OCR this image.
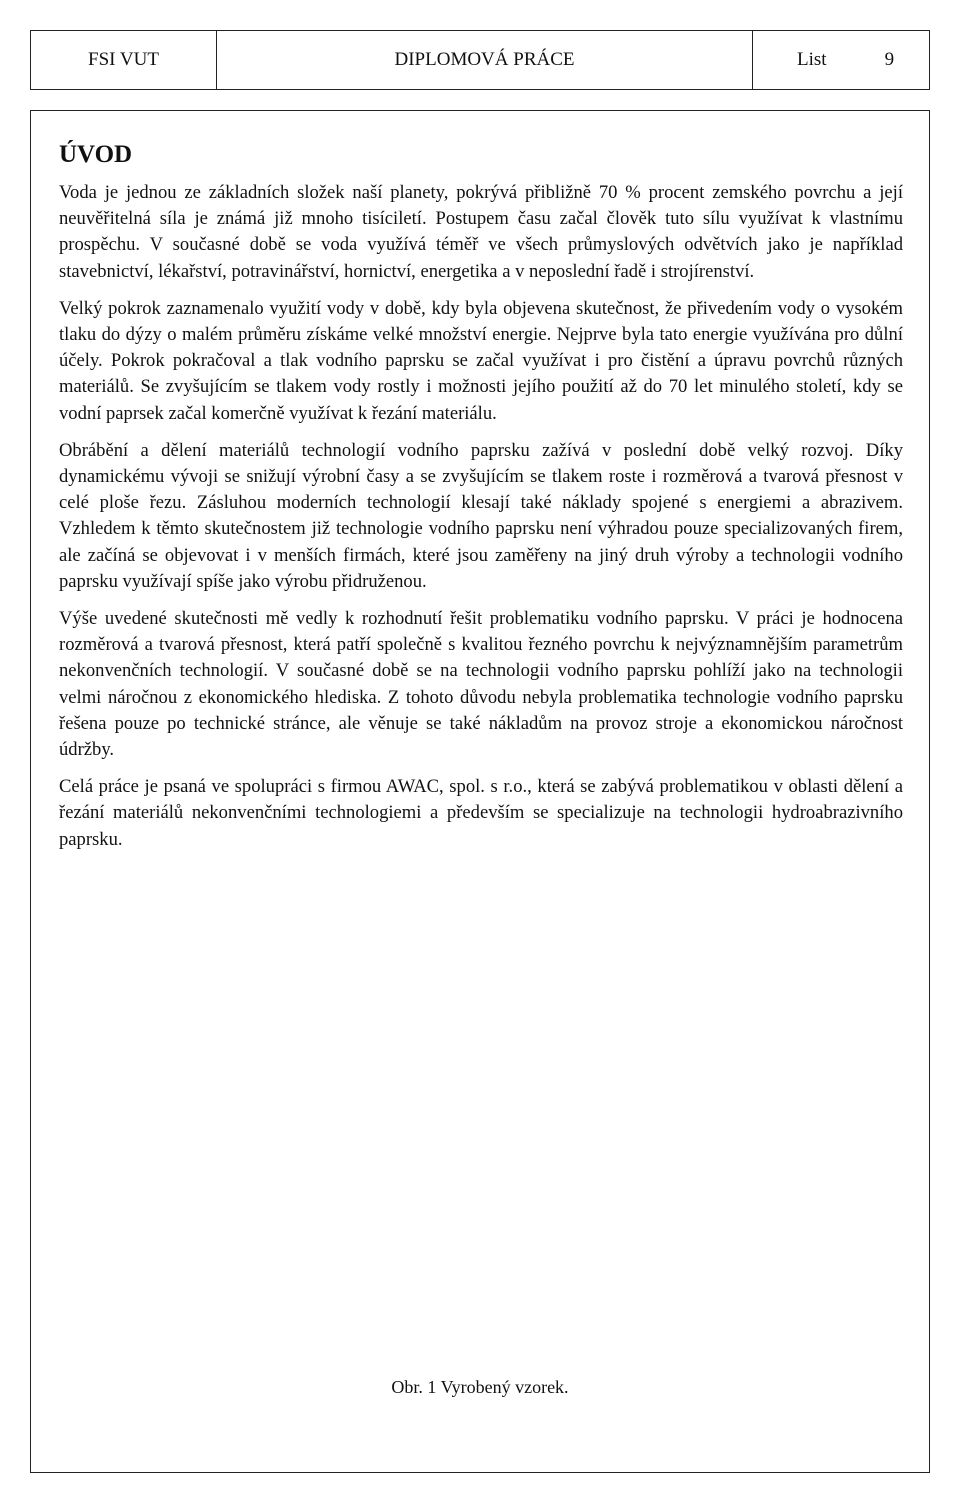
FSI VUT	DIPLOMOVÁ PRÁCE	List	9
ÚVOD

Voda je jednou ze základních složek naší planety, pokrývá přibližně 70 % procent zemského povrchu a její neuvěřitelná síla je známá již mnoho tisíciletí. Postupem času začal člověk tuto sílu využívat k vlastnímu prospěchu. V současné době se voda využívá téměř ve všech průmyslových odvětvích jako je například stavebnictví, lékařství, potravinářství, hornictví, energetika a v neposlední řadě i strojírenství.

Velký pokrok zaznamenalo využití vody v době, kdy byla objevena skutečnost, že přivedením vody o vysokém tlaku do dýzy o malém průměru získáme velké množství energie. Nejprve byla tato energie využívána pro důlní účely. Pokrok pokračoval a tlak vodního paprsku se začal využívat i pro čistění a úpravu povrchů různých materiálů. Se zvyšujícím se tlakem vody rostly i možnosti jejího použití až do 70 let minulého století, kdy se vodní paprsek začal komerčně využívat k řezání materiálu.

Obrábění a dělení materiálů technologií vodního paprsku zažívá v poslední době velký rozvoj. Díky dynamickému vývoji se snižují výrobní časy a se zvyšujícím se tlakem roste i rozměrová a tvarová přesnost v celé ploše řezu. Zásluhou moderních technologií klesají také náklady spojené s energiemi a abrazivem. Vzhledem k těmto skutečnostem již technologie vodního paprsku není výhradou pouze specializovaných firem, ale začíná se objevovat i v menších firmách, které jsou zaměřeny na jiný druh výroby a technologii vodního paprsku využívají spíše jako výrobu přidruženou.

Výše uvedené skutečnosti mě vedly k rozhodnutí řešit problematiku vodního paprsku. V práci je hodnocena rozměrová a tvarová přesnost, která patří společně s kvalitou řezného povrchu k nejvýznamnějším parametrům nekonvenčních technologií. V současné době se na technologii vodního paprsku pohlíží jako na technologii velmi náročnou z ekonomického hlediska. Z tohoto důvodu nebyla problematika technologie vodního paprsku řešena pouze po technické stránce, ale věnuje se také nákladům na provoz stroje a ekonomickou náročnost údržby.

Celá práce je psaná ve spolupráci s firmou AWAC, spol. s r.o., která se zabývá problematikou v oblasti dělení a řezání materiálů nekonvenčními technologiemi a především se specializuje na technologii hydroabrazivního paprsku.

Obr. 1 Vyrobený vzorek.
